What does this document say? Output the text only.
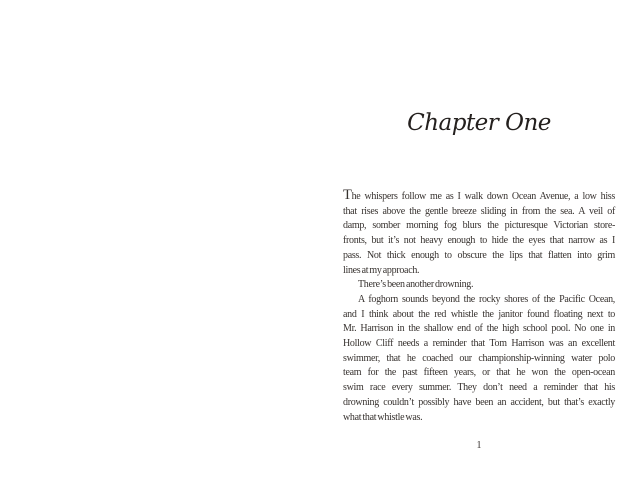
Chapter One
The whispers follow me as I walk down Ocean Avenue, a low hiss
that rises above the gentle breeze sliding in from the sea. A veil of
damp, somber morning fog blurs the picturesque Victorian store-
fronts, but it’s not heavy enough to hide the eyes that narrow as I
pass. Not thick enough to obscure the lips that flatten into grim
lines at my approach.
There’s been another drowning.
A foghorn sounds beyond the rocky shores of the Pacific Ocean,
and I think about the red whistle the janitor found floating next to
Mr. Harrison in the shallow end of the high school pool. No one in
Hollow Cliff needs a reminder that Tom Harrison was an excellent
swimmer, that he coached our championship-winning water polo
team for the past fifteen years, or that he won the open-ocean
swim race every summer. They don’t need a reminder that his
drowning couldn’t possibly have been an accident, but that’s exactly
what that whistle was.
1
